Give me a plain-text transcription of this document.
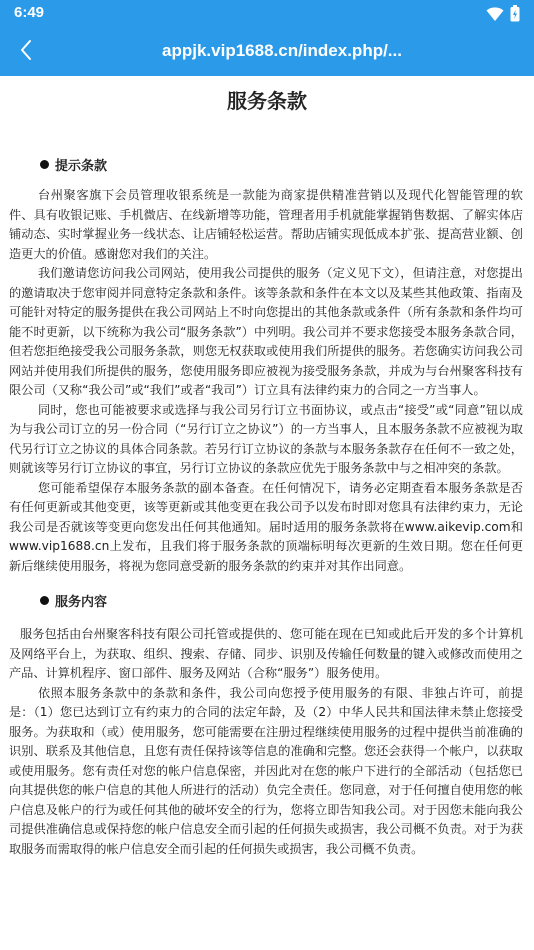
6:49
appjk.vip1688.cn/index.php/...
服务条款
提示条款

台州聚客旗下会员管理收银系统是一款能为商家提供精准营销以及现代化智能管理的软件、具有收银记账、手机微店、在线新增等功能，管理者用手机就能掌握销售数据、了解实体店铺动态、实时掌握业务一线状态、让店铺轻松运营。帮助店铺实现低成本扩张、提高营业额、创造更大的价值。感谢您对我们的关注。

我们邀请您访问我公司网站，使用我公司提供的服务（定义见下文），但请注意，对您提出的邀请取决于您审阅并同意特定条款和条件。该等条款和条件在本文以及某些其他政策、指南及可能针对特定的服务提供在我公司网站上不时向您提出的其他条款或条件（所有条款和条件均可能不时更新，以下统称为我公司“服务条款”）中列明。我公司并不要求您接受本服务条款合同，但若您拒绝接受我公司服务条款，则您无权获取或使用我们所提供的服务。若您确实访问我公司网站并使用我们所提供的服务，您使用服务即应被视为接受服务条款，并成为与台州聚客科技有限公司（又称“我公司”或“我们”或者“我司”）订立具有法律约束力的合同之一方当事人。

同时，您也可能被要求或选择与我公司另行订立书面协议，或点击“接受”或“同意”钮以成为与我公司订立的另一份合同（“另行订立之协议”）的一方当事人，且本服务条款不应被视为取代另行订立之协议的具体合同条款。若另行订立协议的条款与本服务条款存在任何不一致之处，则就该等另行订立协议的事宜，另行订立协议的条款应优先于服务条款中与之相冲突的条款。

您可能希望保存本服务条款的副本备查。在任何情况下，请务必定期查看本服务条款是否有任何更新或其他变更，该等更新或其他变更在我公司予以发布时即对您具有法律约束力，无论我公司是否就该等变更向您发出任何其他通知。届时适用的服务条款将在www.aikevip.com和www.vip1688.cn上发布，且我们将于服务条款的顶端标明每次更新的生效日期。您在任何更新后继续使用服务，将视为您同意受新的服务条款的约束并对其作出同意。

服务内容

服务包括由台州聚客科技有限公司托管或提供的、您可能在现在已知或此后开发的多个计算机及网络平台上，为获取、组织、搜索、存储、同步、识别及传输任何数量的键入或修改而使用之产品、计算机程序、窗口部件、服务及网站（合称“服务”）服务使用。

依照本服务条款中的条款和条件，我公司向您授予使用服务的有限、非独占许可，前提是：（1）您已达到订立有约束力的合同的法定年龄，及（2）中华人民共和国法律未禁止您接受服务。为获取和（或）使用服务，您可能需要在注册过程继续使用服务的过程中提供当前准确的识别、联系及其他信息，且您有责任保持该等信息的准确和完整。您还会获得一个帐户，以获取或使用服务。您有责任对您的帐户信息保密，并因此对在您的帐户下进行的全部活动（包括您已向其提供您的帐户信息的其他人所进行的活动）负完全责任。您同意，对于任何擅自使用您的帐户信息及帐户的行为或任何其他的破坏安全的行为，您将立即告知我公司。对于因您未能向我公司提供准确信息或保持您的帐户信息安全而引起的任何损失或损害，我公司概不负责。对于为获取服务而需取得的帐户信息安全而引起的任何损失或损害，我公司概不负责。
